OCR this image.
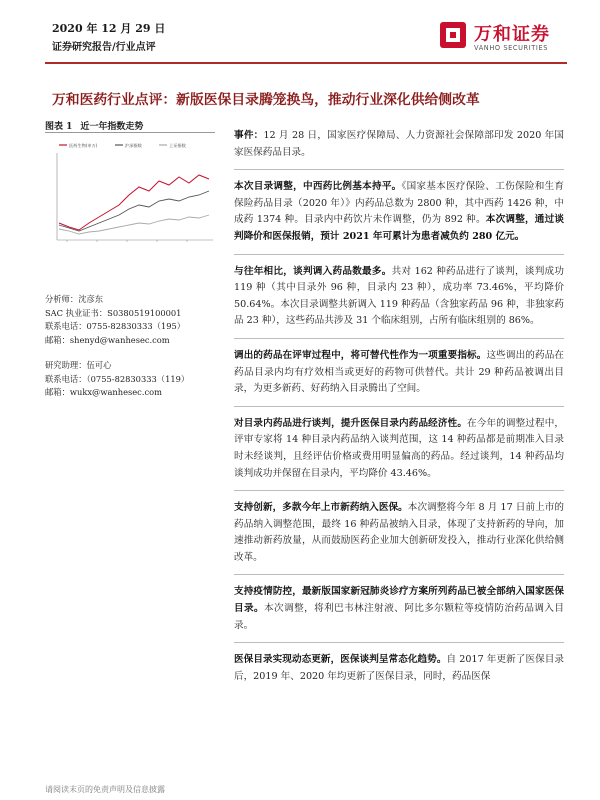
2020 年 12 月 29 日
证券研究报告/行业点评
万和证券
VANHO SECURITIES
万和医药行业点评：新版医保目录腾笼换鸟，推动行业深化供给侧改革
图表 1 近一年指数走势
医药生物(申万)	沪深指数	上证指数
分析师：沈彦东
SAC 执业证书：S0380519100001
联系电话：0755-82830333（195）
邮箱：shenyd@wanhesec.com
研究助理：伍可心
联系电话：（0755-82830333（119）
邮箱：wukx@wanhesec.com

事件：12 月 28 日，国家医疗保障局、人力资源社会保障部印发 2020 年国家医保药品目录。

本次目录调整，中西药比例基本持平。《国家基本医疗保险、工伤保险和生育保险药品目录（2020 年）》内药品总数为 2800 种，其中西药 1426 种，中成药 1374 种。目录内中药饮片未作调整，仍为 892 种。本次调整，通过谈判降价和医保报销，预计 2021 年可累计为患者减负约 280 亿元。

与往年相比，谈判调入药品数最多。共对 162 种药品进行了谈判，谈判成功 119 种（其中目录外 96 种，目录内 23 种），成功率 73.46%，平均降价 50.64%。本次目录调整共新调入 119 种药品（含独家药品 96 种，非独家药品 23 种），这些药品共涉及 31 个临床组别，占所有临床组别的 86%。

调出的药品在评审过程中，将可替代性作为一项重要指标。这些调出的药品在药品目录内均有疗效相当或更好的药物可供替代。共计 29 种药品被调出目录，为更多新药、好药纳入目录腾出了空间。

对目录内药品进行谈判，提升医保目录内药品经济性。在今年的调整过程中，评审专家将 14 种目录内药品纳入谈判范围，这 14 种药品都是前期准入目录时未经谈判，且经评估价格或费用明显偏高的药品。经过谈判，14 种药品均谈判成功并保留在目录内，平均降价 43.46%。

支持创新，多款今年上市新药纳入医保。本次调整将今年 8 月 17 日前上市的药品纳入调整范围，最终 16 种药品被纳入目录，体现了支持新药的导向，加速推动新药放量，从而鼓励医药企业加大创新研发投入，推动行业深化供给侧改革。

支持疫情防控，最新版国家新冠肺炎诊疗方案所列药品已被全部纳入国家医保目录。本次调整，将利巴韦林注射液、阿比多尔颗粒等疫情防治药品调入目录。

医保目录实现动态更新，医保谈判呈常态化趋势。自 2017 年更新了医保目录后，2019 年、2020 年均更新了医保目录，同时，药品医保

请阅读末页的免责声明及信息披露
